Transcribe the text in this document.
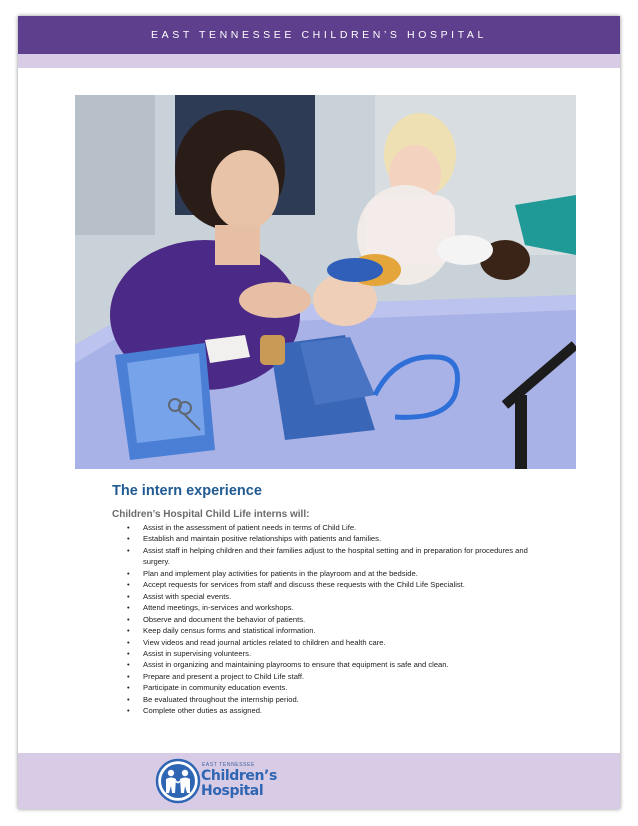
EAST TENNESSEE CHILDREN’S HOSPITAL
The intern experience

Children’s Hospital Child Life interns will:

• Assist in the assessment of patient needs in terms of Child Life.
• Establish and maintain positive relationships with patients and families.
• Assist staff in helping children and their families adjust to the hospital setting and in preparation for procedures and surgery.
• Plan and implement play activities for patients in the playroom and at the bedside.
• Accept requests for services from staff and discuss these requests with the Child Life Specialist.
• Assist with special events.
• Attend meetings, in-services and workshops.
• Observe and document the behavior of patients.
• Keep daily census forms and statistical information.
• View videos and read journal articles related to children and health care.
• Assist in supervising volunteers.
• Assist in organizing and maintaining playrooms to ensure that equipment is safe and clean.
• Prepare and present a project to Child Life staff.
• Participate in community education events.
• Be evaluated throughout the internship period.
• Complete other duties as assigned.
EAST TENNESSEE
Children’s
Hospital
